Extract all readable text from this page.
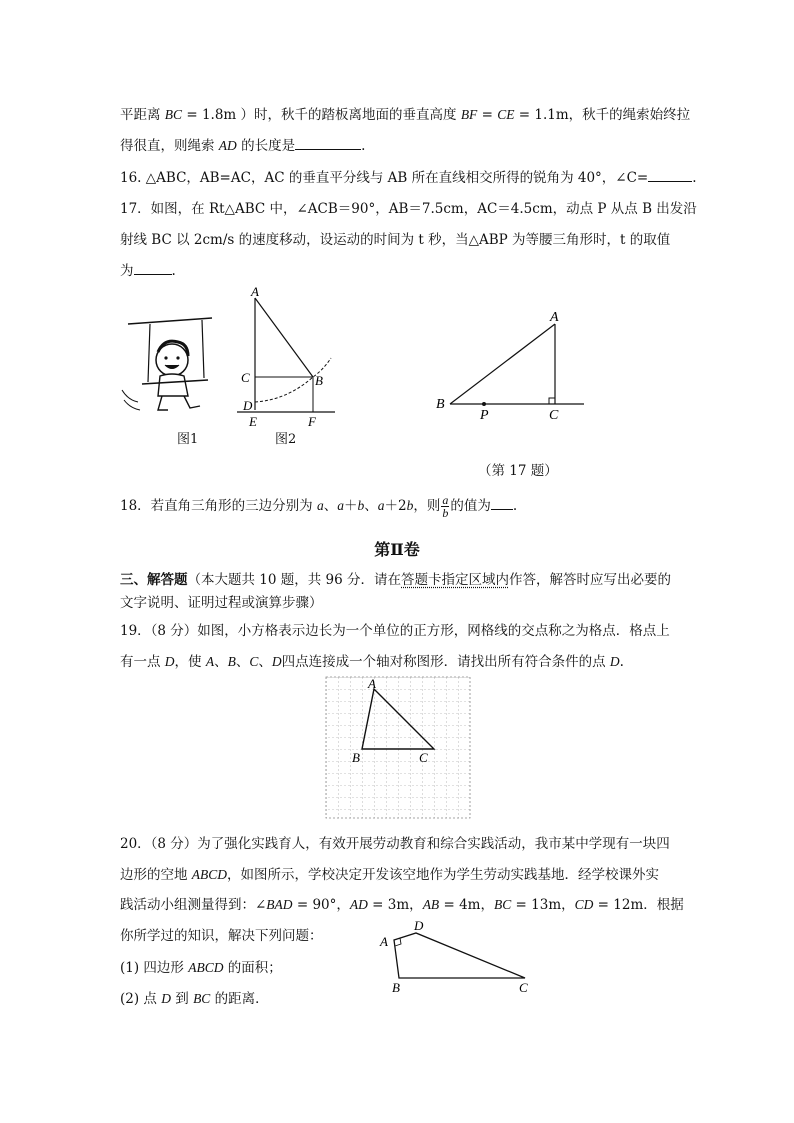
平距离 BC = 1.8m ）时，秋千的踏板离地面的垂直高度 BF = CE = 1.1m，秋千的绳索始终拉
得很直，则绳索 AD 的长度是	.
16. △ABC，AB=AC，AC 的垂直平分线与 AB 所在直线相交所得的锐角为 40°，∠C=	.
17．如图，在 Rt△ABC 中，∠ACB＝90°，AB＝7.5cm，AC＝4.5cm，动点 P 从点 B 出发沿
射线 BC 以 2cm/s 的速度移动，设运动的时间为 t 秒，当△ABP 为等腰三角形时，t 的取值
为	.
图1
A
C	B
D
E	F
图2
A
B
P	C
（第 17 题）
18．若直角三角形的三边分别为 a、a＋b、a＋2b，则 $\frac{a}{b}$ 的值为 .
第Ⅱ卷
三、解答题（本大题共 10 题，共 96 分．请在答题卡指定区域内作答，解答时应写出必要的
文字说明、证明过程或演算步骤）
19．（8 分）如图，小方格表示边长为一个单位的正方形，网格线的交点称之为格点．格点上
有一点 D，使 A、B、C、D四点连接成一个轴对称图形．请找出所有符合条件的点 D.
A
B	C
20．（8 分）为了强化实践育人，有效开展劳动教育和综合实践活动，我市某中学现有一块四
边形的空地 ABCD，如图所示，学校决定开发该空地作为学生劳动实践基地．经学校课外实
践活动小组测量得到：∠BAD = 90°，AD = 3m，AB = 4m，BC = 13m，CD = 12m．根据
你所学过的知识，解决下列问题：
(1) 四边形 ABCD 的面积；
(2) 点 D 到 BC 的距离．
A
D
B	C
